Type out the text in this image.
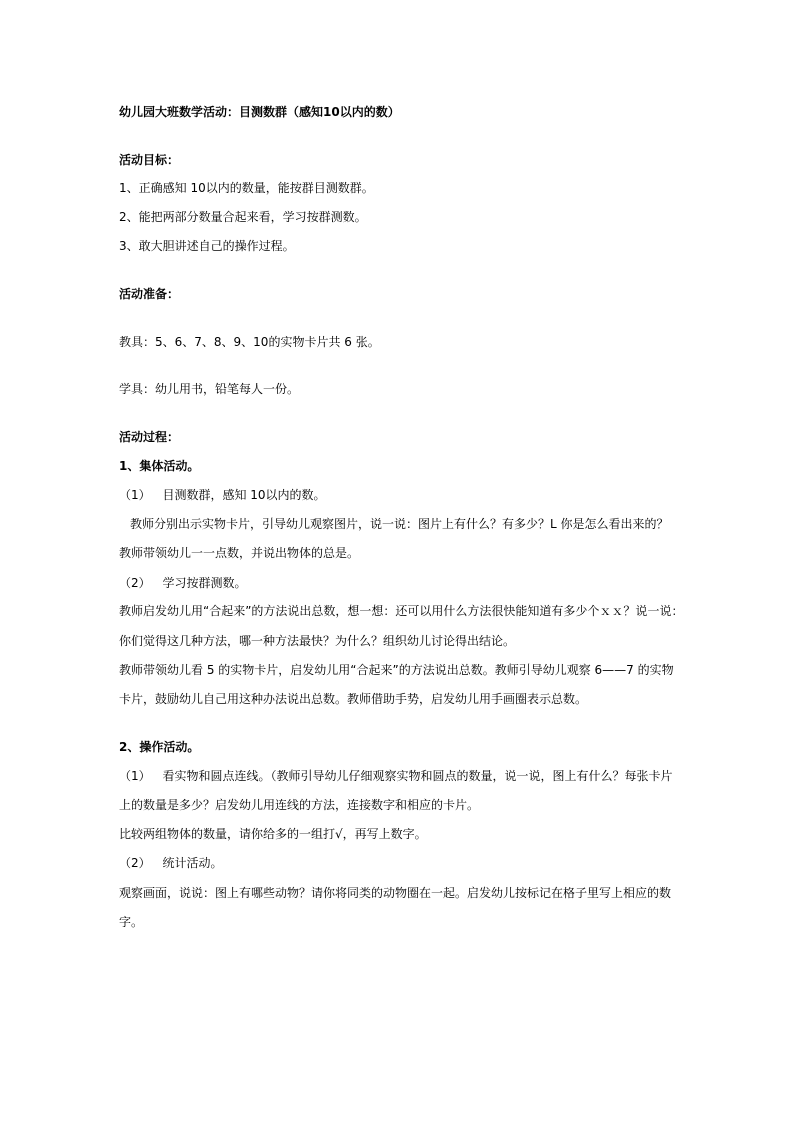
幼儿园大班数学活动：目测数群（感知10以内的数）
活动目标：
1、正确感知 10以内的数量，能按群目测数群。
2、能把两部分数量合起来看，学习按群测数。
3、敢大胆讲述自己的操作过程。
活动准备：
教具：5、6、7、8、9、10的实物卡片共 6 张。
学具：幼儿用书，铅笔每人一份。
活动过程：
1、集体活动。
（1） 目测数群，感知 10以内的数。
教师分别出示实物卡片，引导幼儿观察图片，说一说：图片上有什么？有多少？L 你是怎么看出来的？
教师带领幼儿一一点数，并说出物体的总是。
（2） 学习按群测数。
教师启发幼儿用“合起来”的方法说出总数，想一想：还可以用什么方法很快能知道有多少个ｘｘ？说一说：
你们觉得这几种方法，哪一种方法最快？为什么？组织幼儿讨论得出结论。
教师带领幼儿看 5 的实物卡片，启发幼儿用“合起来”的方法说出总数。教师引导幼儿观察 6——7 的实物
卡片，鼓励幼儿自己用这种办法说出总数。教师借助手势，启发幼儿用手画圈表示总数。
2、操作活动。
（1） 看实物和圆点连线。（教师引导幼儿仔细观察实物和圆点的数量，说一说，图上有什么？每张卡片
上的数量是多少？启发幼儿用连线的方法，连接数字和相应的卡片。
比较两组物体的数量，请你给多的一组打√，再写上数字。
（2） 统计活动。
观察画面，说说：图上有哪些动物？请你将同类的动物圈在一起。启发幼儿按标记在格子里写上相应的数
字。
